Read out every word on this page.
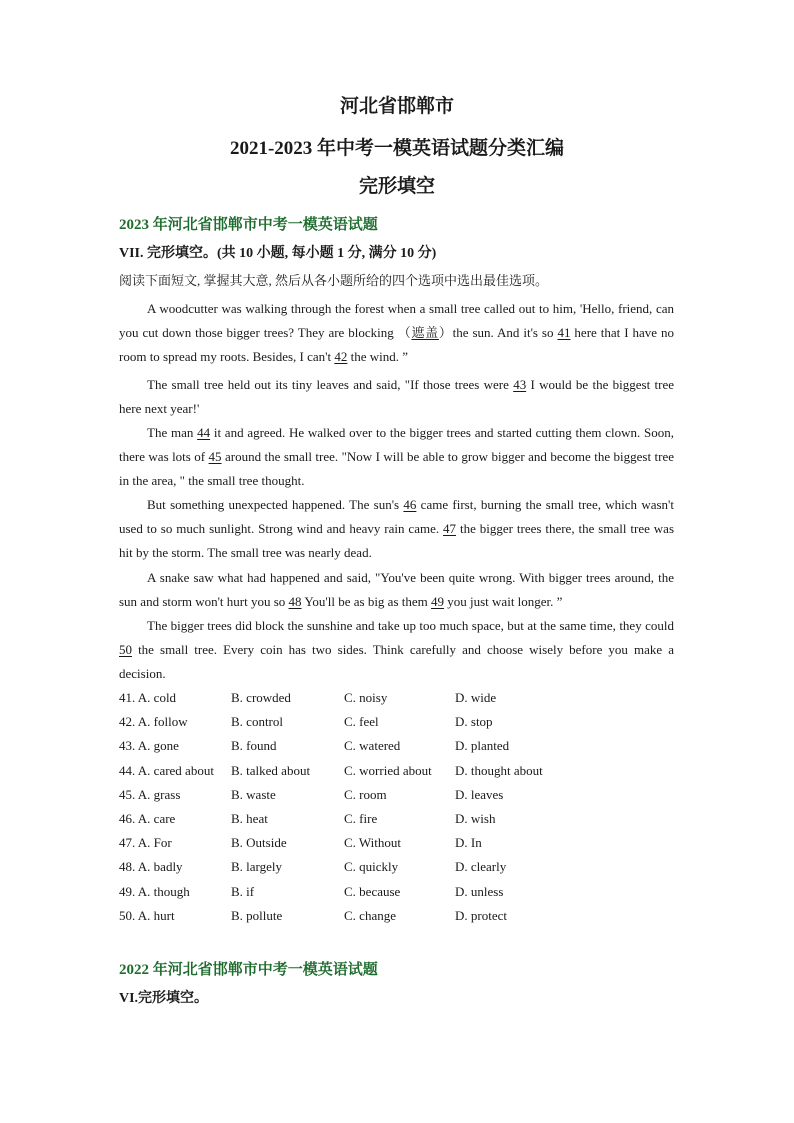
河北省邯郸市
2021-2023 年中考一模英语试题分类汇编
完形填空

2023 年河北省邯郸市中考一模英语试题

VII. 完形填空。(共 10 小题, 每小题 1 分, 满分 10 分)

阅读下面短文, 掌握其大意, 然后从各小题所给的四个选项中选出最佳选项。

A woodcutter was walking through the forest when a small tree called out to him, 'Hello, friend, can you cut down those bigger trees? They are blocking （遮盖）the sun. And it's so 41 here that I have no room to spread my roots. Besides, I can't 42 the wind. ”

The small tree held out its tiny leaves and said, "If those trees were 43 I would be the biggest tree here next year!'

The man 44 it and agreed. He walked over to the bigger trees and started cutting them clown. Soon, there was lots of 45 around the small tree. "Now I will be able to grow bigger and become the biggest tree in the area, " the small tree thought.

But something unexpected happened. The sun's 46 came first, burning the small tree, which wasn't used to so much sunlight. Strong wind and heavy rain came. 47 the bigger trees there, the small tree was hit by the storm. The small tree was nearly dead.

A snake saw what had happened and said, "You've been quite wrong. With bigger trees around, the sun and storm won't hurt you so 48 You'll be as big as them 49 you just wait longer. ”

The bigger trees did block the sunshine and take up too much space, but at the same time, they could 50 the small tree. Every coin has two sides. Think carefully and choose wisely before you make a decision.

41. A. cold	B. crowded	C. noisy	D. wide
42. A. follow	B. control	C. feel	D. stop
43. A. gone	B. found	C. watered	D. planted
44. A. cared about B. talked about	C. worried about D. thought about
45. A. grass	B. waste	C. room	D. leaves
46. A. care	B. heat	C. fire	D. wish
47. A. For	B. Outside	C. Without	D. In
48. A. badly	B. largely	C. quickly	D. clearly
49. A. though	B. if	C. because	D. unless
50. A. hurt	B. pollute	C. change	D. protect

2022 年河北省邯郸市中考一模英语试题

VI.完形填空。
